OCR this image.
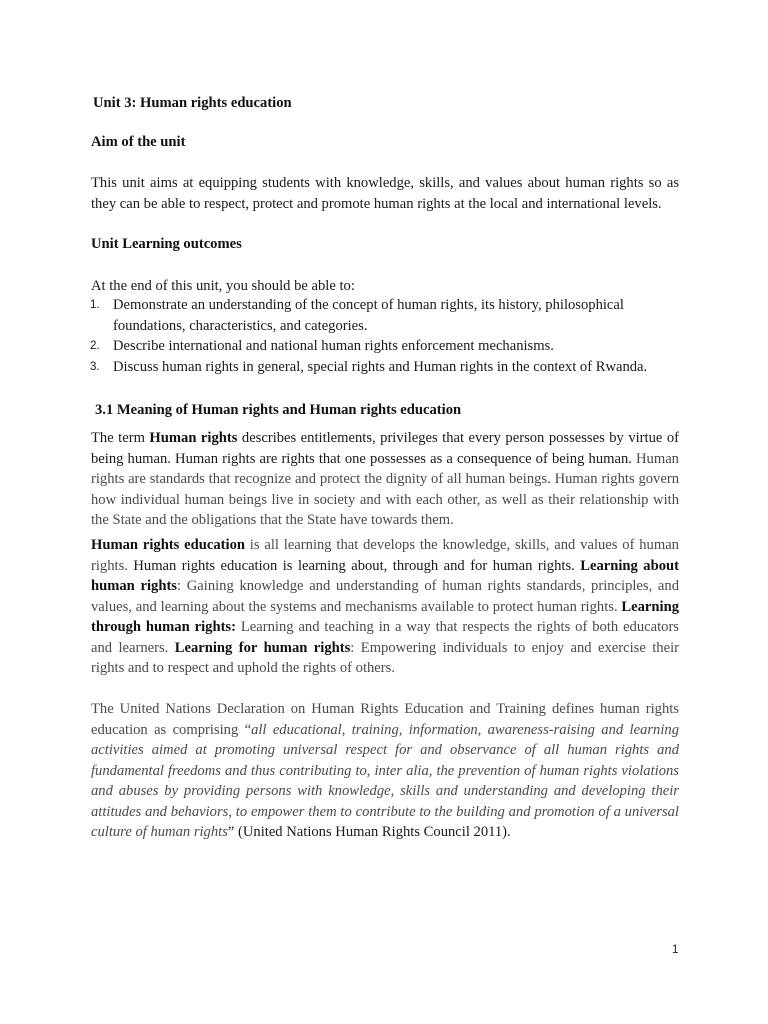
Unit 3: Human rights education
Aim of the unit
This unit aims at equipping students with knowledge, skills, and values about human rights so as they can be able to respect, protect and promote human rights at the local and international levels.
Unit Learning outcomes
At the end of this unit, you should be able to:
1. Demonstrate an understanding of the concept of human rights, its history, philosophical foundations, characteristics, and categories.
2. Describe international and national human rights enforcement mechanisms.
3. Discuss human rights in general, special rights and Human rights in the context of Rwanda.
3.1 Meaning of Human rights and Human rights education
The term Human rights describes entitlements, privileges that every person possesses by virtue of being human. Human rights are rights that one possesses as a consequence of being human. Human rights are standards that recognize and protect the dignity of all human beings. Human rights govern how individual human beings live in society and with each other, as well as their relationship with the State and the obligations that the State have towards them.
Human rights education is all learning that develops the knowledge, skills, and values of human rights. Human rights education is learning about, through and for human rights. Learning about human rights: Gaining knowledge and understanding of human rights standards, principles, and values, and learning about the systems and mechanisms available to protect human rights. Learning through human rights: Learning and teaching in a way that respects the rights of both educators and learners. Learning for human rights: Empowering individuals to enjoy and exercise their rights and to respect and uphold the rights of others.
The United Nations Declaration on Human Rights Education and Training defines human rights education as comprising “all educational, training, information, awareness-raising and learning activities aimed at promoting universal respect for and observance of all human rights and fundamental freedoms and thus contributing to, inter alia, the prevention of human rights violations and abuses by providing persons with knowledge, skills and understanding and developing their attitudes and behaviors, to empower them to contribute to the building and promotion of a universal culture of human rights” (United Nations Human Rights Council 2011).
1
